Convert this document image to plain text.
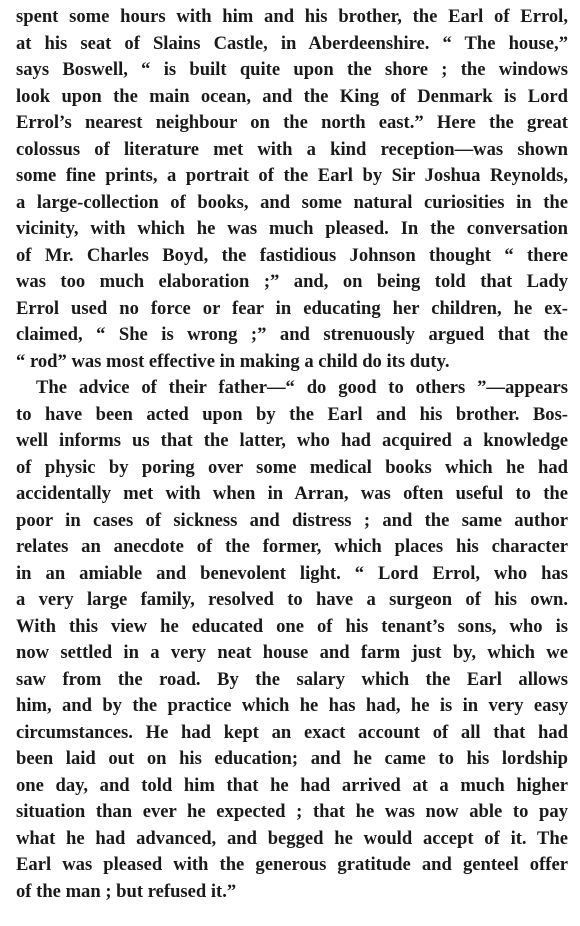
spent some hours with him and his brother, the Earl of Errol,
at his seat of Slains Castle, in Aberdeenshire. “ The house,”
says Boswell, “ is built quite upon the shore ; the windows
look upon the main ocean, and the King of Denmark is Lord
Errol’s nearest neighbour on the north east.” Here the great
colossus of literature met with a kind reception—was shown
some fine prints, a portrait of the Earl by Sir Joshua Reynolds,
a large-collection of books, and some natural curiosities in the
vicinity, with which he was much pleased. In the conversation
of Mr. Charles Boyd, the fastidious Johnson thought “ there
was too much elaboration ;” and, on being told that Lady
Errol used no force or fear in educating her children, he ex-
claimed, “ She is wrong ;” and strenuously argued that the
“ rod” was most effective in making a child do its duty.
The advice of their father—“ do good to others ”—appears
to have been acted upon by the Earl and his brother. Bos-
well informs us that the latter, who had acquired a knowledge
of physic by poring over some medical books which he had
accidentally met with when in Arran, was often useful to the
poor in cases of sickness and distress ; and the same author
relates an anecdote of the former, which places his character
in an amiable and benevolent light. “ Lord Errol, who has
a very large family, resolved to have a surgeon of his own.
With this view he educated one of his tenant’s sons, who is
now settled in a very neat house and farm just by, which we
saw from the road. By the salary which the Earl allows
him, and by the practice which he has had, he is in very easy
circumstances. He had kept an exact account of all that had
been laid out on his education; and he came to his lordship
one day, and told him that he had arrived at a much higher
situation than ever he expected ; that he was now able to pay
what he had advanced, and begged he would accept of it. The
Earl was pleased with the generous gratitude and genteel offer
of the man ; but refused it.”
